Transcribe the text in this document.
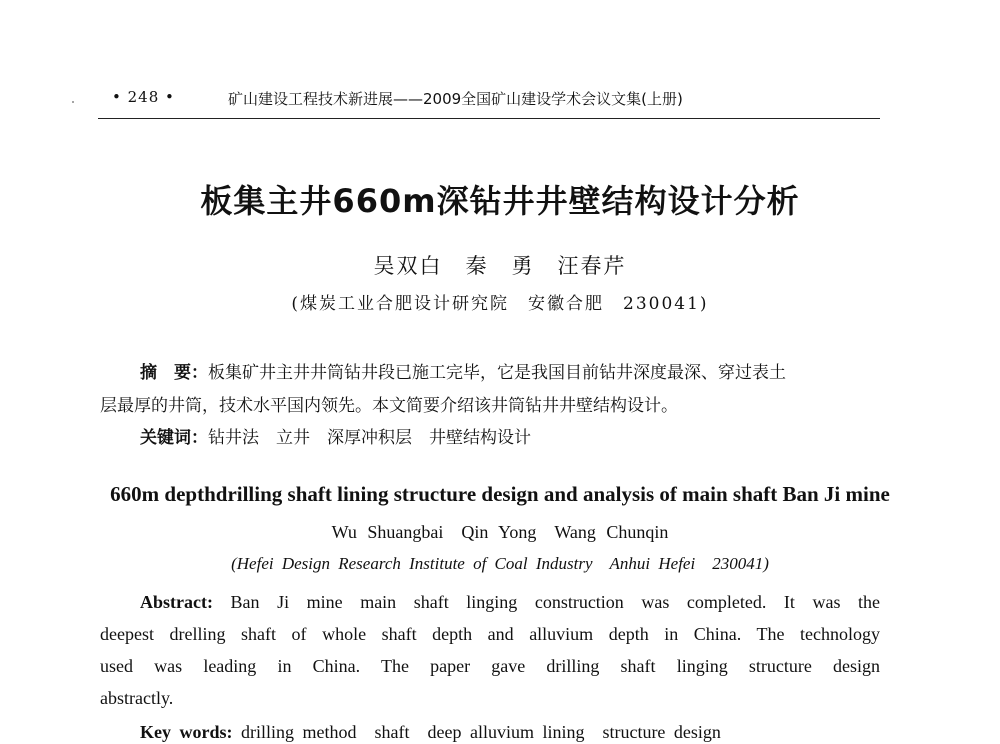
• 248 •	矿山建设工程技术新进展——2009全国矿山建设学术会议文集(上册)
板集主井660m深钻井井壁结构设计分析
吴双白　秦　勇　汪春芹
(煤炭工业合肥设计研究院　安徽合肥　230041)
摘　要：板集矿井主井井筒钻井段已施工完毕，它是我国目前钻井深度最深、穿过表土
层最厚的井筒，技术水平国内领先。本文简要介绍该井筒钻井井壁结构设计。
关键词：钻井法　立井　深厚冲积层　井壁结构设计
660m depthdrilling shaft lining structure design and analysis of main shaft Ban Ji mine
Wu Shuangbai　Qin Yong　Wang Chunqin
(Hefei Design Research Institute of Coal Industry　Anhui Hefei　230041)
Abstract: Ban Ji mine main shaft linging construction was completed. It was the
deepest drelling shaft of whole shaft depth and alluvium depth in China. The technology
used was leading in China. The paper gave drilling shaft linging structure design
abstractly.
Key words: drilling method　shaft　deep alluvium lining　structure design
